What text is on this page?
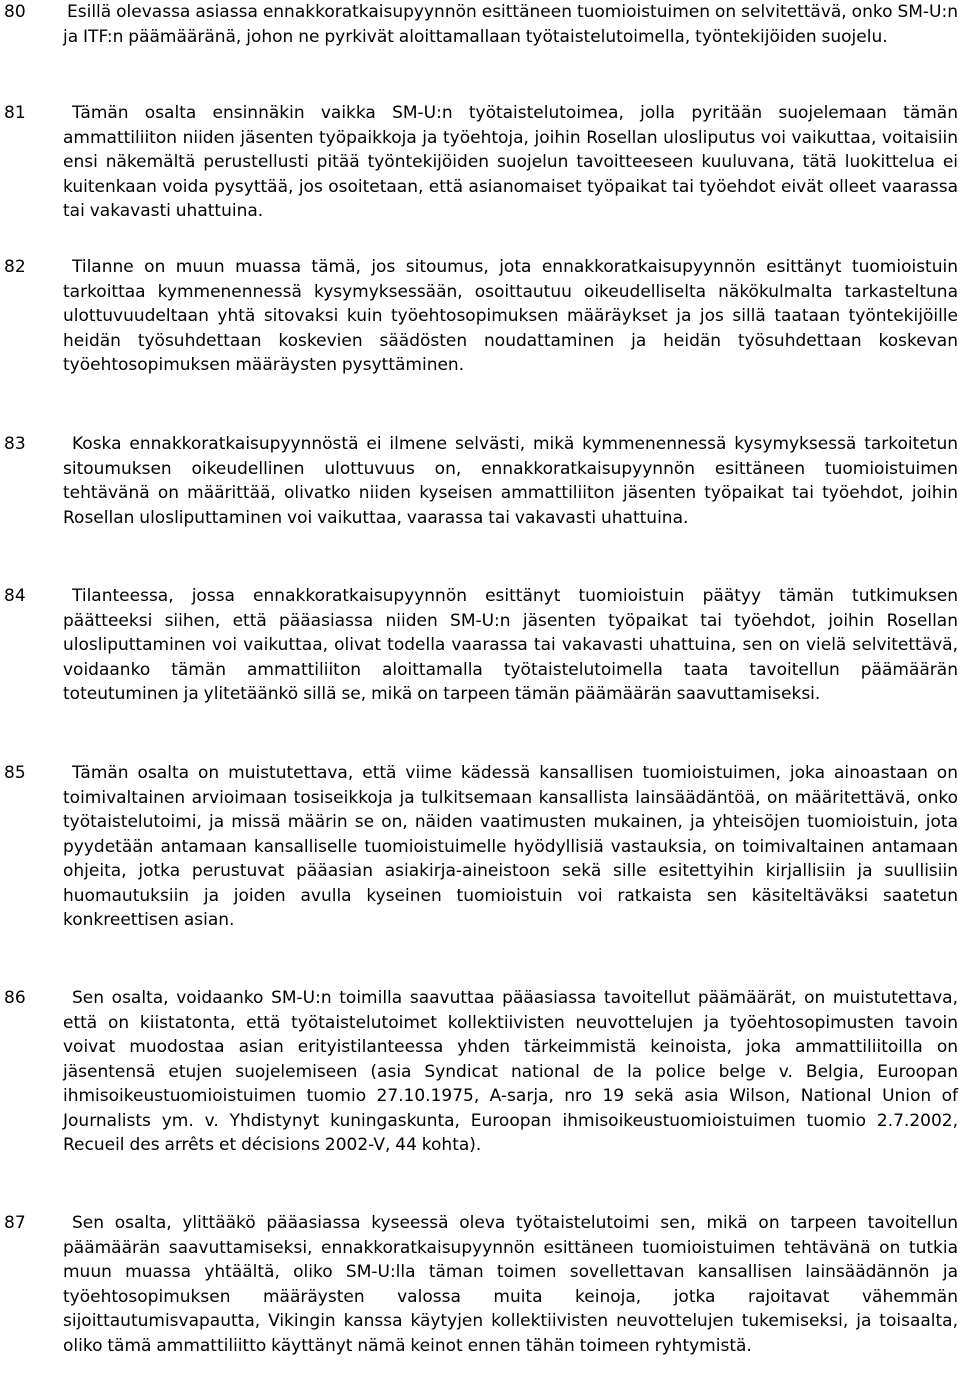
80 Esillä olevassa asiassa ennakkoratkaisupyynnön esittäneen tuomioistuimen on selvitettävä, onko SM-U:n ja ITF:n päämääränä, johon ne pyrkivät aloittamallaan työtaistelutoimella, työntekijöiden suojelu.

81	Tämän osalta ensinnäkin vaikka SM-U:n työtaistelutoimea, jolla pyritään suojelemaan tämän ammattiliiton niiden jäsenten työpaikkoja ja työehtoja, joihin Rosellan ulosliputus voi vaikuttaa, voitaisiin ensi näkemältä perustellusti pitää työntekijöiden suojelun tavoitteeseen kuuluvana, tätä luokittelua ei kuitenkaan voida pysyttää, jos osoitetaan, että asianomaiset työpaikat tai työehdot eivät olleet vaarassa tai vakavasti uhattuina.

82	Tilanne on muun muassa tämä, jos sitoumus, jota ennakkoratkaisupyynnön esittänyt tuomioistuin tarkoittaa kymmenennessä kysymyksessään, osoittautuu oikeudelliselta näkökulmalta tarkasteltuna ulottuvuudeltaan yhtä sitovaksi kuin työehtosopimuksen määräykset ja jos sillä taataan työntekijöille heidän työsuhdettaan koskevien säädösten noudattaminen ja heidän työsuhdettaan koskevan työehtosopimuksen määräysten pysyttäminen.

83	Koska ennakkoratkaisupyynnöstä ei ilmene selvästi, mikä kymmenennessä kysymyksessä tarkoitetun sitoumuksen oikeudellinen ulottuvuus on, ennakkoratkaisupyynnön esittäneen tuomioistuimen tehtävänä on määrittää, olivatko niiden kyseisen ammattiliiton jäsenten työpaikat tai työehdot, joihin Rosellan ulosliputtaminen voi vaikuttaa, vaarassa tai vakavasti uhattuina.

84	Tilanteessa, jossa ennakkoratkaisupyynnön esittänyt tuomioistuin päätyy tämän tutkimuksen päätteeksi siihen, että pääasiassa niiden SM-U:n jäsenten työpaikat tai työehdot, joihin Rosellan ulosliputtaminen voi vaikuttaa, olivat todella vaarassa tai vakavasti uhattuina, sen on vielä selvitettävä, voidaanko tämän ammattiliiton aloittamalla työtaistelutoimella taata tavoitellun päämäärän toteutuminen ja ylitetäänkö sillä se, mikä on tarpeen tämän päämäärän saavuttamiseksi.

85	Tämän osalta on muistutettava, että viime kädessä kansallisen tuomioistuimen, joka ainoastaan on toimivaltainen arvioimaan tosiseikkoja ja tulkitsemaan kansallista lainsäädäntöä, on määritettävä, onko työtaistelutoimi, ja missä määrin se on, näiden vaatimusten mukainen, ja yhteisöjen tuomioistuin, jota pyydetään antamaan kansalliselle tuomioistuimelle hyödyllisiä vastauksia, on toimivaltainen antamaan ohjeita, jotka perustuvat pääasian asiakirja-aineistoon sekä sille esitettyihin kirjallisiin ja suullisiin huomautuksiin ja joiden avulla kyseinen tuomioistuin voi ratkaista sen käsiteltäväksi saatetun konkreettisen asian.

86	Sen osalta, voidaanko SM-U:n toimilla saavuttaa pääasiassa tavoitellut päämäärät, on muistutettava, että on kiistatonta, että työtaistelutoimet kollektiivisten neuvottelujen ja työehtosopimusten tavoin voivat muodostaa asian erityistilanteessa yhden tärkeimmistä keinoista, joka ammattiliitoilla on jäsentensä etujen suojelemiseen (asia Syndicat national de la police belge v. Belgia, Euroopan ihmisoikeustuomioistuimen tuomio 27.10.1975, A-sarja, nro 19 sekä asia Wilson, National Union of Journalists ym. v. Yhdistynyt kuningaskunta, Euroopan ihmisoikeustuomioistuimen tuomio 2.7.2002, Recueil des arrêts et décisions 2002-V, 44 kohta).

87	Sen osalta, ylittääkö pääasiassa kyseessä oleva työtaistelutoimi sen, mikä on tarpeen tavoitellun päämäärän saavuttamiseksi, ennakkoratkaisupyynnön esittäneen tuomioistuimen tehtävänä on tutkia muun muassa yhtäältä, oliko SM-U:lla täman toimen sovellettavan kansallisen lainsäädännön ja työehtosopimuksen määräysten valossa muita keinoja, jotka rajoitavat vähemmän sijoittautumisvapautta, Vikingin kanssa käytyjen kollektiivisten neuvottelujen tukemiseksi, ja toisaalta, oliko tämä ammattiliitto käyttänyt nämä keinot ennen tähän toimeen ryhtymistä.
